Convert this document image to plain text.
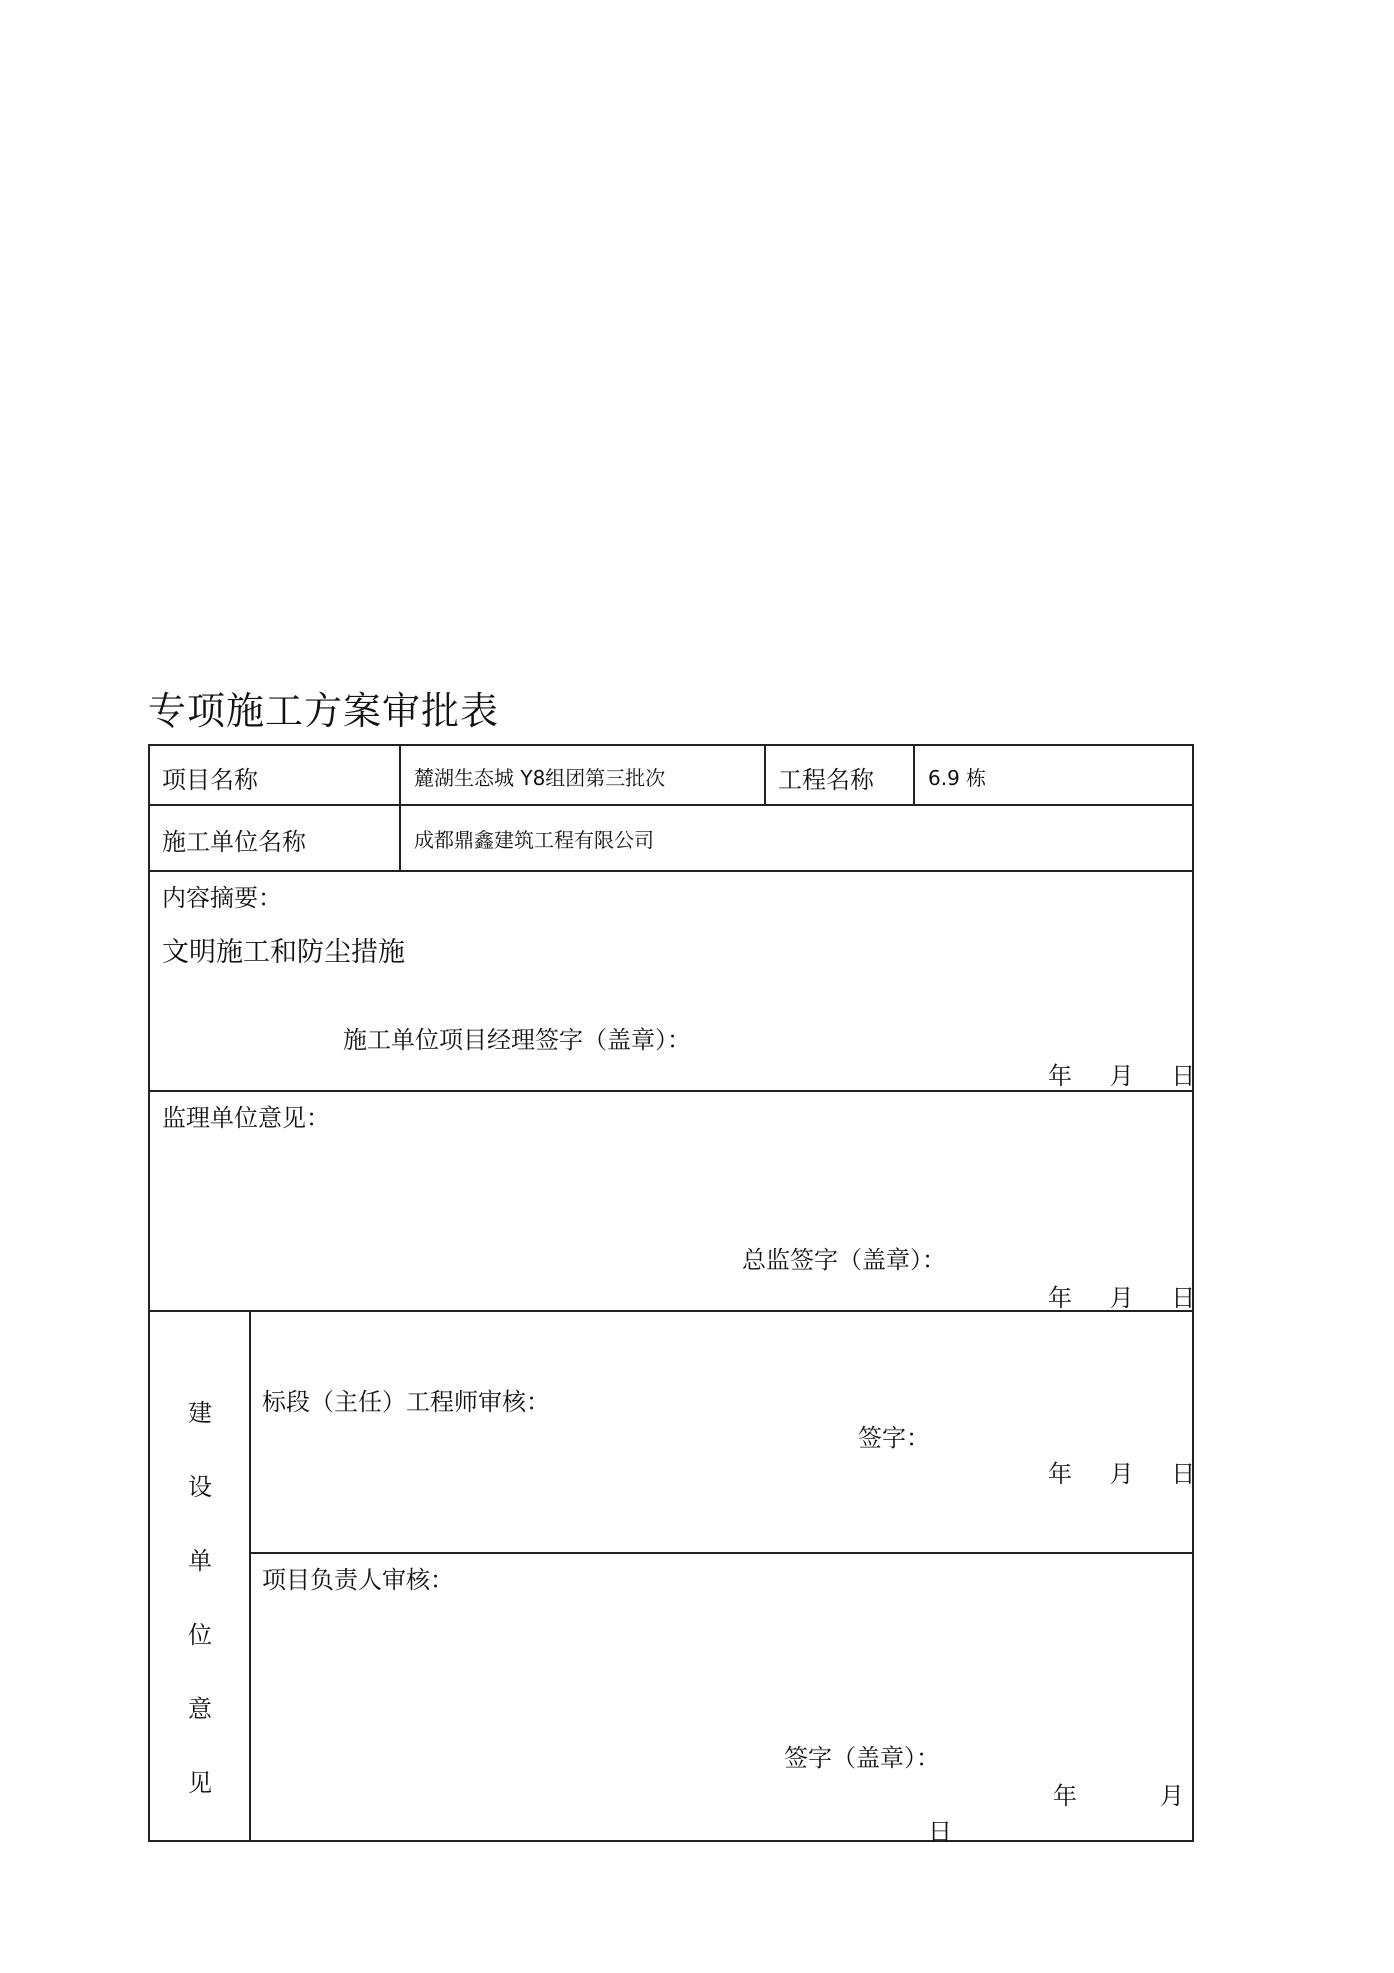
专项施工方案审批表
项目名称	麓湖生态城 Y8组团第三批次	工程名称	6.9 栋
施工单位名称	成都鼎鑫建筑工程有限公司
内容摘要：
文明施工和防尘措施
施工单位项目经理签字（盖章）：
年 月 日
监理单位意见：
总监签字（盖章）：
年 月 日
建
设
单
位
意
见
标段（主任）工程师审核：
签字：
年 月 日
项目负责人审核：
签字（盖章）：
年	月
日
